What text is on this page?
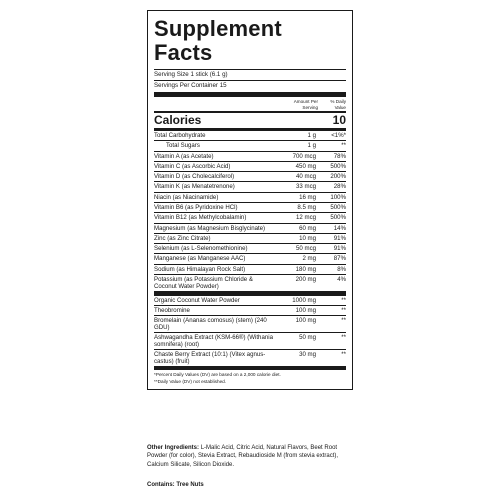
Supplement Facts
Serving Size 1 stick (6.1 g)
Servings Per Container 15
Amount Per Serving
% Daily Value
Calories	10
Total Carbohydrate	1 g	<1%*
Total Sugars	1 g	**
Vitamin A (as Acetate)	700 mcg	78%
Vitamin C (as Ascorbic Acid)	450 mg	500%
Vitamin D (as Cholecalciferol)	40 mcg	200%
Vitamin K (as Menatetrenone)	33 mcg	28%
Niacin (as Niacinamide)	16 mg	100%
Vitamin B6 (as Pyridoxine HCl)	8.5 mg	500%
Vitamin B12 (as Methylcobalamin)	12 mcg	500%
Magnesium (as Magnesium Bisglycinate)	60 mg	14%
Zinc (as Zinc Citrate)	10 mg	91%
Selenium (as L-Selenomethionine)	50 mcg	91%
Manganese (as Manganese AAC)	2 mg	87%
Sodium (as Himalayan Rock Salt)	180 mg	8%
Potassium (as Potassium Chloride & Coconut Water Powder)
200 mg	4%
Organic Coconut Water Powder	1000 mg	**
Theobromine	100 mg	**
Bromelain (Ananas comosus) (stem) (240 GDU)
100 mg	**
Ashwagandha Extract (KSM-66®) (Withania somnifera) (root)
50 mg	**
Chaste Berry Extract (10:1) (Vitex agnus-castus) (fruit)
30 mg	**
*Percent Daily Values (DV) are based on a 2,000 calorie diet.
**Daily Value (DV) not established.
Other Ingredients: L-Malic Acid, Citric Acid, Natural Flavors, Beet Root Powder (for color), Stevia Extract, Rebaudioside M (from stevia extract), Calcium Silicate, Silicon Dioxide.
Contains: Tree Nuts
